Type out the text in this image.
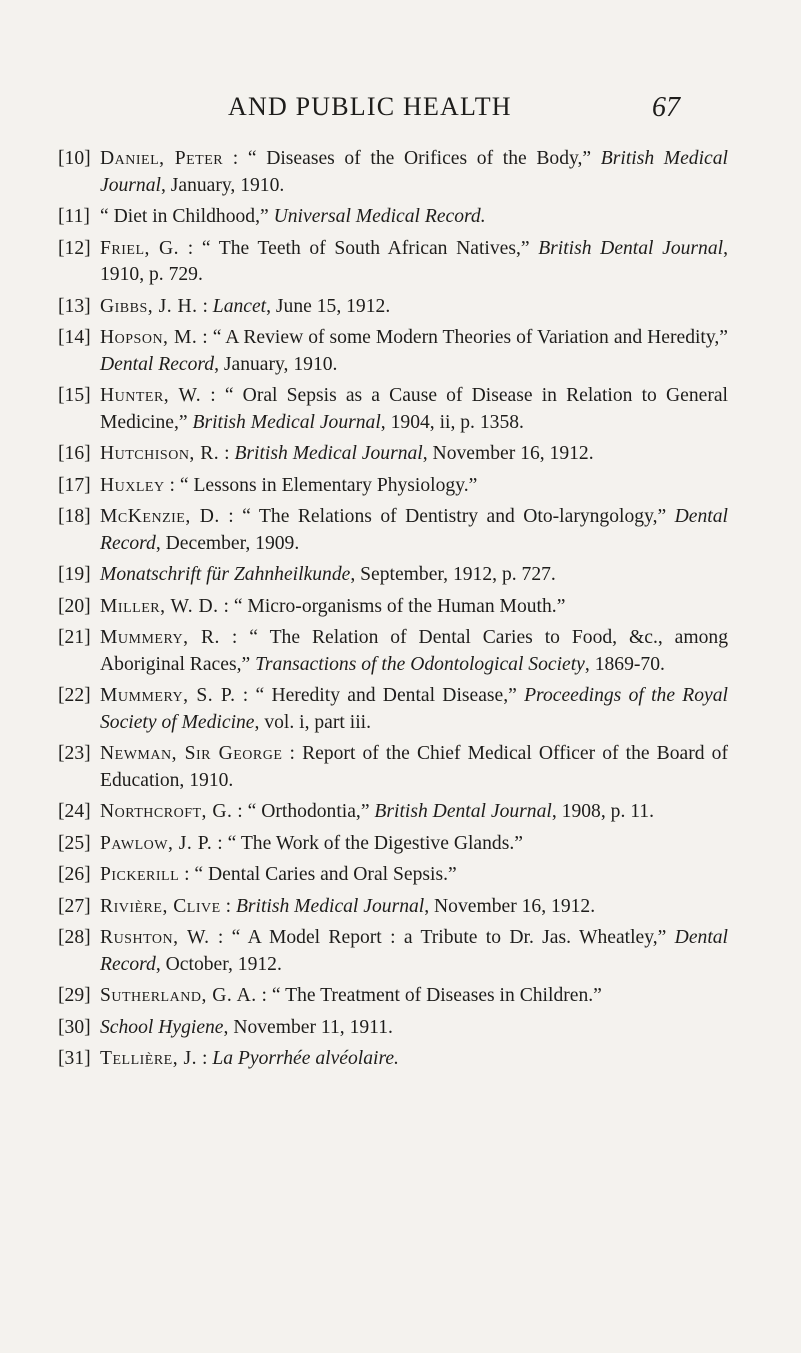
AND PUBLIC HEALTH	67
[10] Daniel, Peter : “ Diseases of the Orifices of the Body,” British Medical Journal, January, 1910.
[11] “ Diet in Childhood,” Universal Medical Record.
[12] Friel, G. : “ The Teeth of South African Natives,” British Dental Journal, 1910, p. 729.
[13] Gibbs, J. H. : Lancet, June 15, 1912.
[14] Hopson, M. : “ A Review of some Modern Theories of Variation and Heredity,” Dental Record, January, 1910.
[15] Hunter, W. : “ Oral Sepsis as a Cause of Disease in Relation to General Medicine,” British Medical Journal, 1904, ii, p. 1358.
[16] Hutchison, R. : British Medical Journal, November 16, 1912.
[17] Huxley : “ Lessons in Elementary Physiology.”
[18] McKenzie, D. : “ The Relations of Dentistry and Oto-laryngology,” Dental Record, December, 1909.
[19] Monatschrift für Zahnheilkunde, September, 1912, p. 727.
[20] Miller, W. D. : “ Micro-organisms of the Human Mouth.”
[21] Mummery, R. : “ The Relation of Dental Caries to Food, &c., among Aboriginal Races,” Transactions of the Odontological Society, 1869-70.
[22] Mummery, S. P. : “ Heredity and Dental Disease,” Proceedings of the Royal Society of Medicine, vol. i, part iii.
[23] Newman, Sir George : Report of the Chief Medical Officer of the Board of Education, 1910.
[24] Northcroft, G. : “ Orthodontia,” British Dental Journal, 1908, p. 11.
[25] Pawlow, J. P. : “ The Work of the Digestive Glands.”
[26] Pickerill : “ Dental Caries and Oral Sepsis.”
[27] Rivière, Clive : British Medical Journal, November 16, 1912.
[28] Rushton, W. : “ A Model Report : a Tribute to Dr. Jas. Wheatley,” Dental Record, October, 1912.
[29] Sutherland, G. A. : “ The Treatment of Diseases in Children.”
[30] School Hygiene, November 11, 1911.
[31] Tellière, J. : La Pyorrhée alvéolaire.
